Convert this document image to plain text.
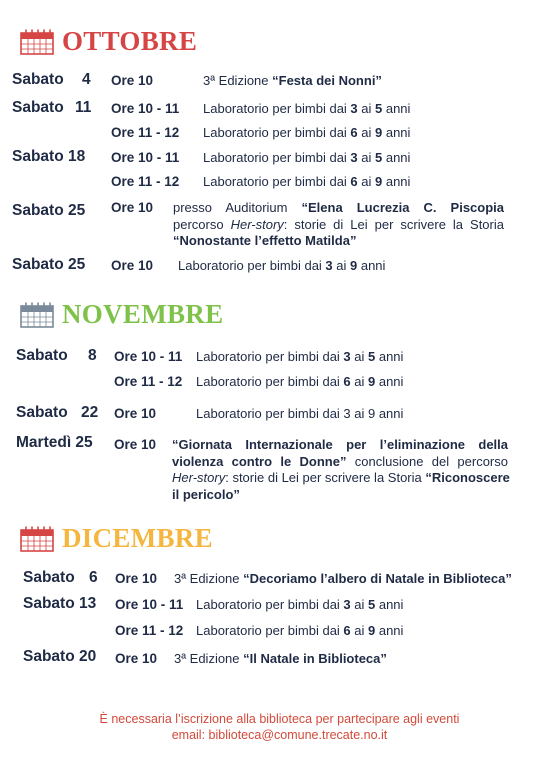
OTTOBRE
Sabato 4 Ore 10	3ª Edizione “Festa dei Nonni”
Sabato 11 Ore 10 - 11 Laboratorio per bimbi dai 3 ai 5 anni
Ore 11 - 12 Laboratorio per bimbi dai 6 ai 9 anni
Sabato 18 Ore 10 - 11 Laboratorio per bimbi dai 3 ai 5 anni
Ore 11 - 12 Laboratorio per bimbi dai 6 ai 9 anni
Sabato 25 Ore 10 presso Auditorium “Elena Lucrezia C. Piscopia
percorso Her-story: storie di Lei per scrivere la Storia
“Nonostante l’effetto Matilda”
Sabato 25 Ore 10 Laboratorio per bimbi dai 3 ai 9 anni
NOVEMBRE
Sabato 8 Ore 10 - 11 Laboratorio per bimbi dai 3 ai 5 anni
Ore 11 - 12 Laboratorio per bimbi dai 6 ai 9 anni
Sabato 22 Ore 10	Laboratorio per bimbi dai 3 ai 9 anni
Martedì 25 Ore 10 “Giornata Internazionale per l’eliminazione della
violenza contro le Donne” conclusione del percorso
Her-story: storie di Lei per scrivere la Storia “Riconoscere
il pericolo”
DICEMBRE
Sabato 6 Ore 10 3ª Edizione “Decoriamo l’albero di Natale in Biblioteca”
Sabato 13 Ore 10 - 11 Laboratorio per bimbi dai 3 ai 5 anni
Ore 11 - 12 Laboratorio per bimbi dai 6 ai 9 anni
Sabato 20 Ore 10 3ª Edizione “Il Natale in Biblioteca”
È necessaria l’iscrizione alla biblioteca per partecipare agli eventi
email: biblioteca@comune.trecate.no.it
